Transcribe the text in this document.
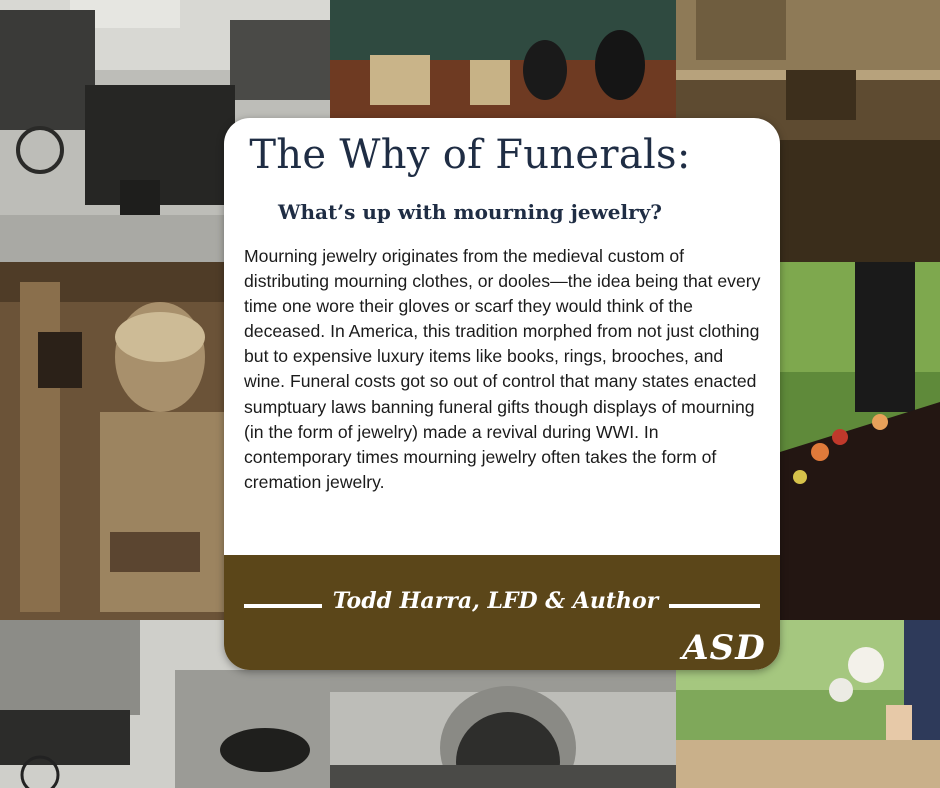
The Why of Funerals:
What’s up with mourning jewelry?

Mourning jewelry originates from the medieval custom of distributing mourning clothes, or dooles—the idea being that every time one wore their gloves or scarf they would think of the deceased. In America, this tradition morphed from not just clothing but to expensive luxury items like books, rings, brooches, and wine. Funeral costs got so out of control that many states enacted sumptuary laws banning funeral gifts though displays of mourning (in the form of jewelry) made a revival during WWI. In contemporary times mourning jewelry often takes the form of cremation jewelry.

Todd Harra, LFD & Author

ASD
